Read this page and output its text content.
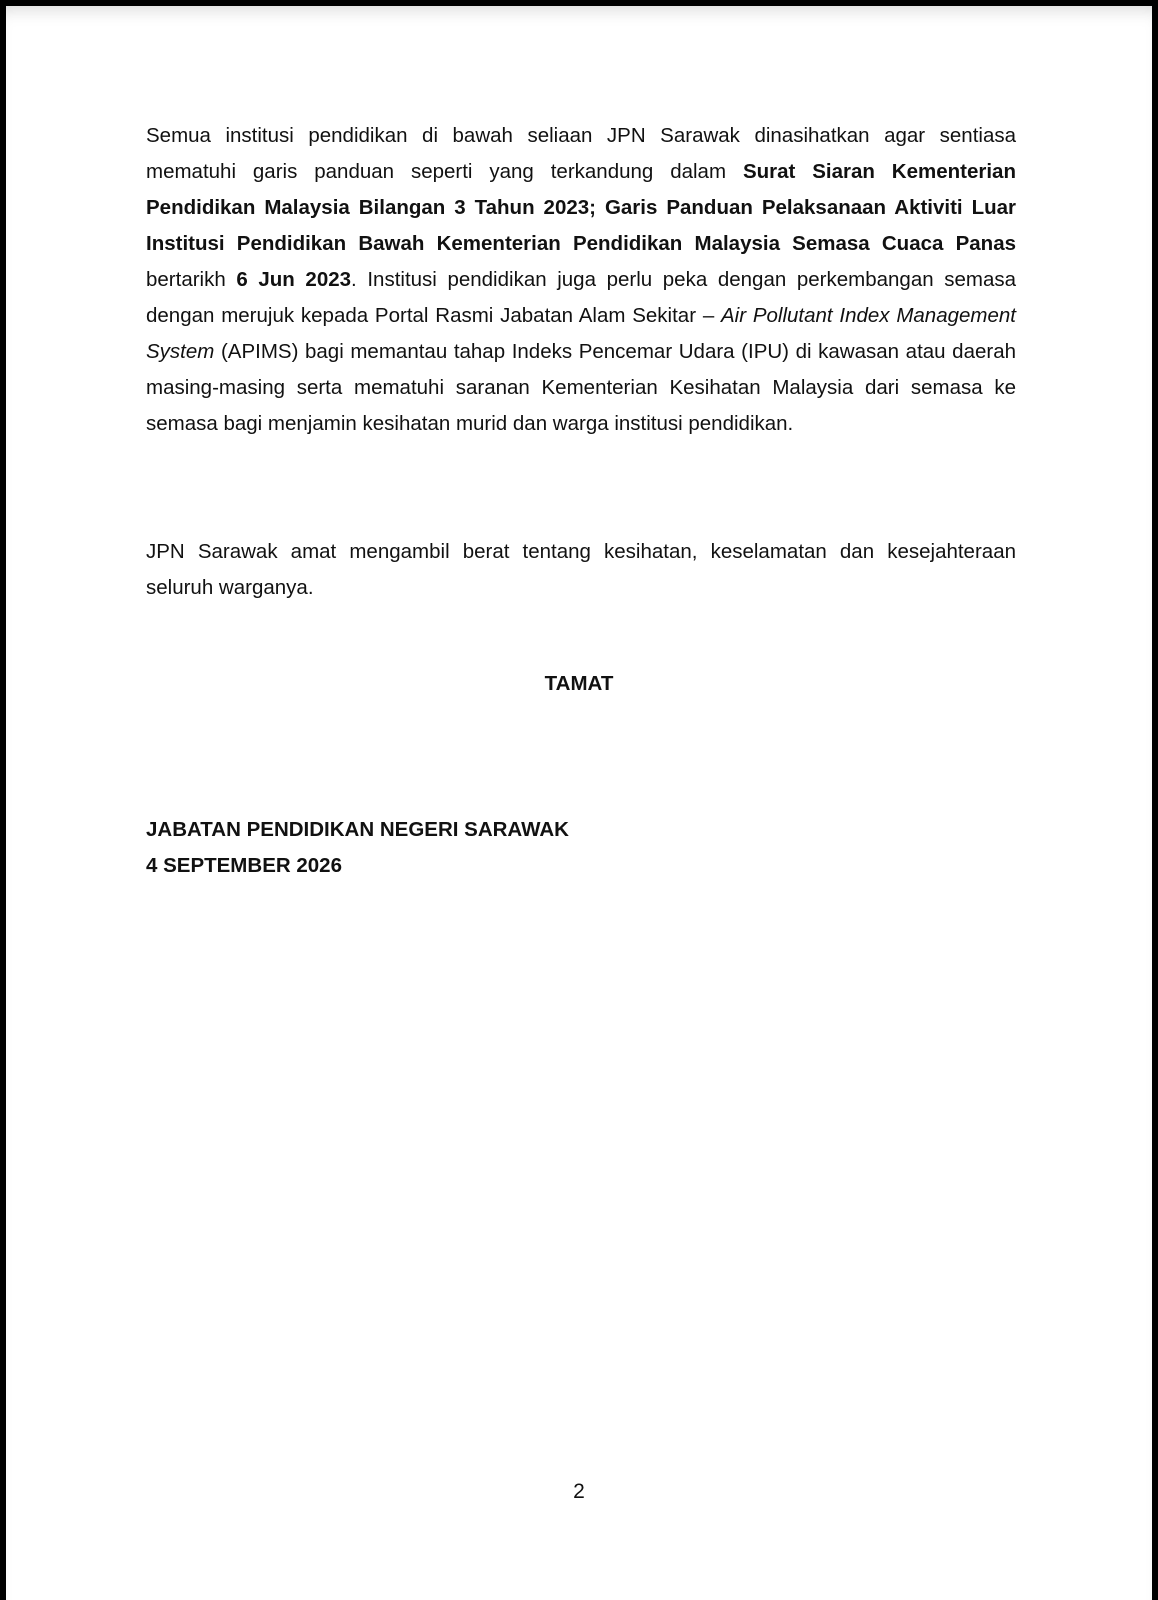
Semua institusi pendidikan di bawah seliaan JPN Sarawak dinasihatkan agar sentiasa mematuhi garis panduan seperti yang terkandung dalam Surat Siaran Kementerian Pendidikan Malaysia Bilangan 3 Tahun 2023; Garis Panduan Pelaksanaan Aktiviti Luar Institusi Pendidikan Bawah Kementerian Pendidikan Malaysia Semasa Cuaca Panas bertarikh 6 Jun 2023. Institusi pendidikan juga perlu peka dengan perkembangan semasa dengan merujuk kepada Portal Rasmi Jabatan Alam Sekitar – Air Pollutant Index Management System (APIMS) bagi memantau tahap Indeks Pencemar Udara (IPU) di kawasan atau daerah masing-masing serta mematuhi saranan Kementerian Kesihatan Malaysia dari semasa ke semasa bagi menjamin kesihatan murid dan warga institusi pendidikan.

JPN Sarawak amat mengambil berat tentang kesihatan, keselamatan dan kesejahteraan seluruh warganya.

TAMAT
JABATAN PENDIDIKAN NEGERI SARAWAK
4 SEPTEMBER 2026
2
